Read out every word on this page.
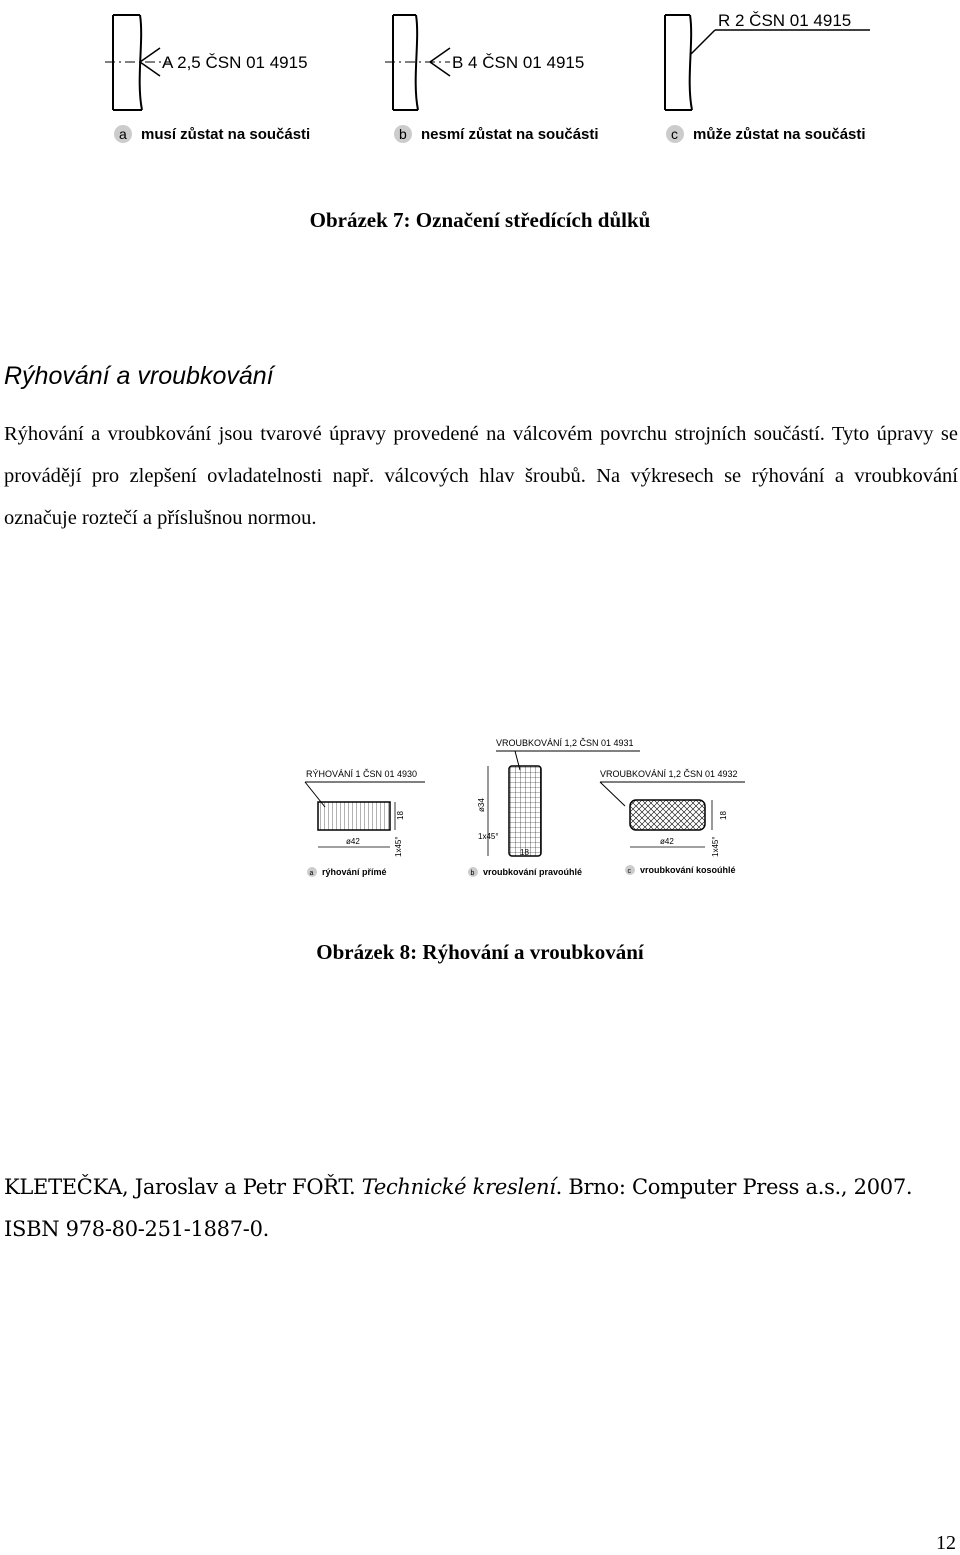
A 2,5 ČSN 01 4915
a musí zůstat na součásti
B 4 ČSN 01 4915
b nesmí zůstat na součásti
R 2 ČSN 01 4915
c může zůstat na součásti
Obrázek 7: Označení středících důlků
Rýhování a vroubkování
Rýhování a vroubkování jsou tvarové úpravy provedené na válcovém povrchu strojních součástí. Tyto úpravy se provádějí pro zlepšení ovladatelnosti např. válcových hlav šroubů. Na výkresech se rýhování a vroubkování označuje roztečí a příslušnou normou.
RÝHOVÁNÍ 1 ČSN 01 4930
18
ø42	1x45°
a rýhování přímé
VROUBKOVÁNÍ 1,2 ČSN 01 4931
ø34
1x45°
18
b vroubkování pravoúhlé
VROUBKOVÁNÍ 1,2 ČSN 01 4932
18
ø42	1x45°
c vroubkování kosoúhlé
Obrázek 8: Rýhování a vroubkování
KLETEČKA, Jaroslav a Petr FOŘT. Technické kreslení. Brno: Computer Press a.s., 2007. ISBN 978-80-251-1887-0.
12
